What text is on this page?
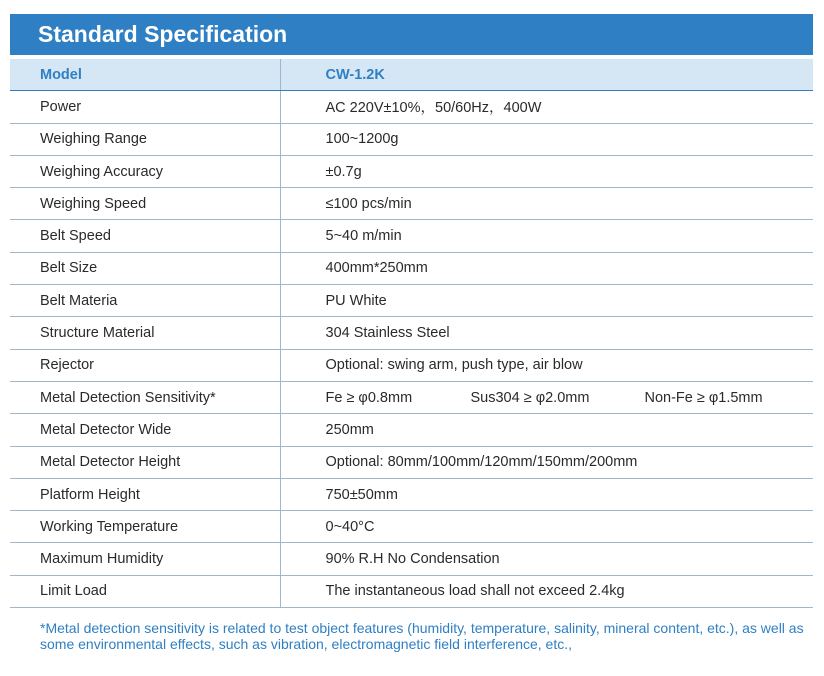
Standard Specification
Model	CW-1.2K
Power	AC 220V±10%，50/60Hz，400W
Weighing Range	100~1200g
Weighing Accuracy	±0.7g
Weighing Speed	≤100 pcs/min
Belt Speed	5~40 m/min
Belt Size	400mm*250mm
Belt Materia	PU White
Structure Material	304 Stainless Steel
Rejector	Optional: swing arm, push type, air blow
Metal Detection Sensitivity*	Fe ≥ φ0.8mm Sus304 ≥ φ2.0mm Non-Fe ≥ φ1.5mm

Metal Detector Wide	250mm
Metal Detector Height	Optional: 80mm/100mm/120mm/150mm/200mm
Platform Height	750±50mm
Working Temperature	0~40°C
Maximum Humidity	90% R.H No Condensation
Limit Load	The instantaneous load shall not exceed 2.4kg
*Metal detection sensitivity is related to test object features (humidity, temperature, salinity, mineral content, etc.), as well as some environmental effects, such as vibration, electromagnetic field interference, etc.,
